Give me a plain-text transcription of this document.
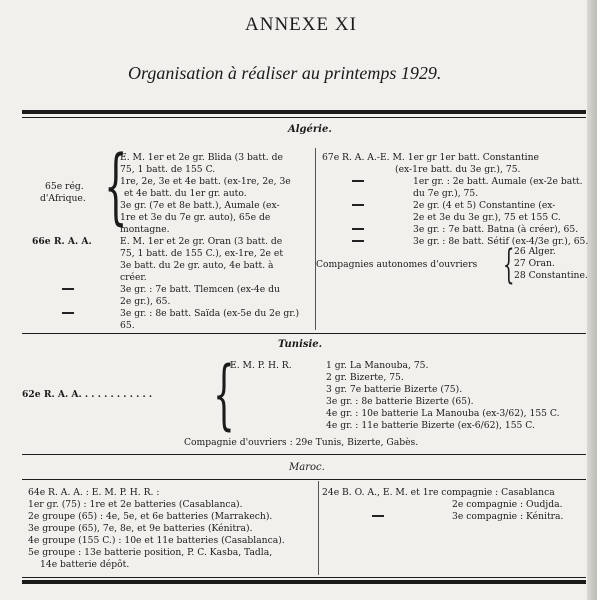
ANNEXE XI
Organisation à réaliser au printemps 1929.
Algérie.
65e rég.
d'Afrique. {
E. M. 1er et 2e gr. Blida (3 batt. de
75, 1 batt. de 155 C.
1re, 2e, 3e et 4e batt. (ex-1re, 2e, 3e
et 4e batt. du 1er gr. auto.
3e gr. (7e et 8e batt.), Aumale (ex-
1re et 3e du 7e gr. auto), 65e de
montagne.
66e R. A. A.	E. M. 1er et 2e gr. Oran (3 batt. de
75, 1 batt. de 155 C.), ex-1re, 2e et
3e batt. du 2e gr. auto, 4e batt. à
créer.
3e gr. : 7e batt. Tlemcen (ex-4e du
2e gr.), 65.
3e gr. : 8e batt. Saïda (ex-5e du 2e gr.)
65.
67e R. A. A.-E. M. 1er gr 1er batt. Constantine
(ex-1re batt. du 3e gr.), 75.
1er gr. : 2e batt. Aumale (ex-2e batt.
du 7e gr.), 75.
2e gr. (4 et 5) Constantine (ex-
2e et 3e du 3e gr.), 75 et 155 C.
3e gr. : 7e batt. Batna (à créer), 65.
3e gr. : 8e batt. Sétif (ex-4/3e gr.), 65.
Compagnies autonomes d'ouvriers { 26 Alger.
27 Oran.
28 Constantine.
Tunisie.
E. M. P. H. R.
62e R. A. A. . . . . . . . . . . . {	1 gr. La Manouba, 75.
2 gr. Bizerte, 75.
3 gr. 7e batterie Bizerte (75).
3e gr. : 8e batterie Bizerte (65).
4e gr. : 10e batterie La Manouba (ex-3/62), 155 C.
4e gr. : 11e batterie Bizerte (ex-6/62), 155 C.
Compagnie d'ouvriers : 29e Tunis, Bizerte, Gabès.
Maroc.
64e R. A. A. : E. M. P. H. R. :
1er gr. (75) : 1re et 2e batteries (Casablanca).
2e groupe (65) : 4e, 5e, et 6e batteries (Marrakech).
3e groupe (65), 7e, 8e, et 9e batteries (Kénitra).
4e groupe (155 C.) : 10e et 11e batteries (Casablanca).
5e groupe : 13e batterie position, P. C. Kasba, Tadla,
14e batterie dépôt.
24e B. O. A., E. M. et 1re compagnie : Casablanca
2e compagnie : Oudjda.
3e compagnie : Kénitra.
